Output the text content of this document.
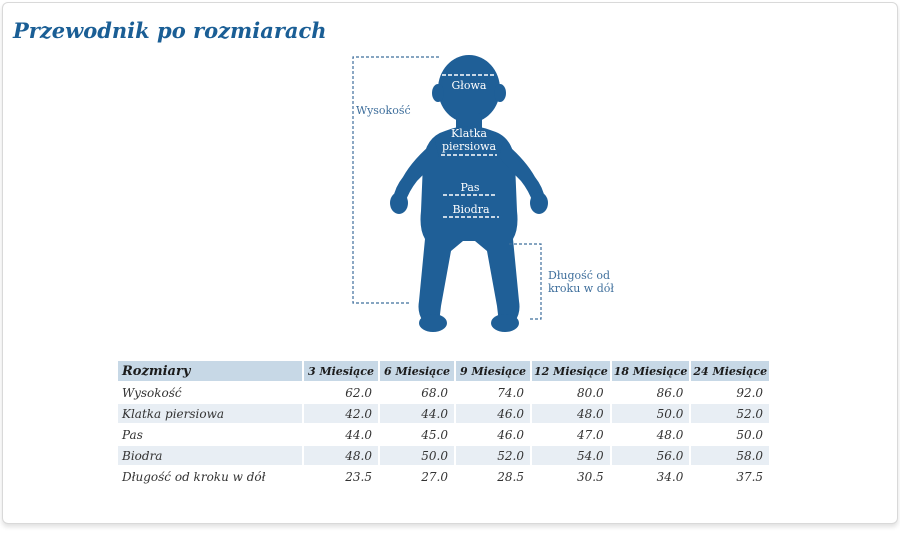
Przewodnik po rozmiarach
Głowa
Klatka
piersiowa
Pas
Biodra
Wysokość
Długość od
kroku w dół
Rozmiary	3 Miesiące	6 Miesiące	9 Miesiące	12 Miesiące	18 Miesiące	24 Miesiące
Wysokość	62.0	68.0	74.0	80.0	86.0	92.0
Klatka piersiowa	42.0	44.0	46.0	48.0	50.0	52.0
Pas	44.0	45.0	46.0	47.0	48.0	50.0
Biodra	48.0	50.0	52.0	54.0	56.0	58.0
Długość od kroku w dół	23.5	27.0	28.5	30.5	34.0	37.5
